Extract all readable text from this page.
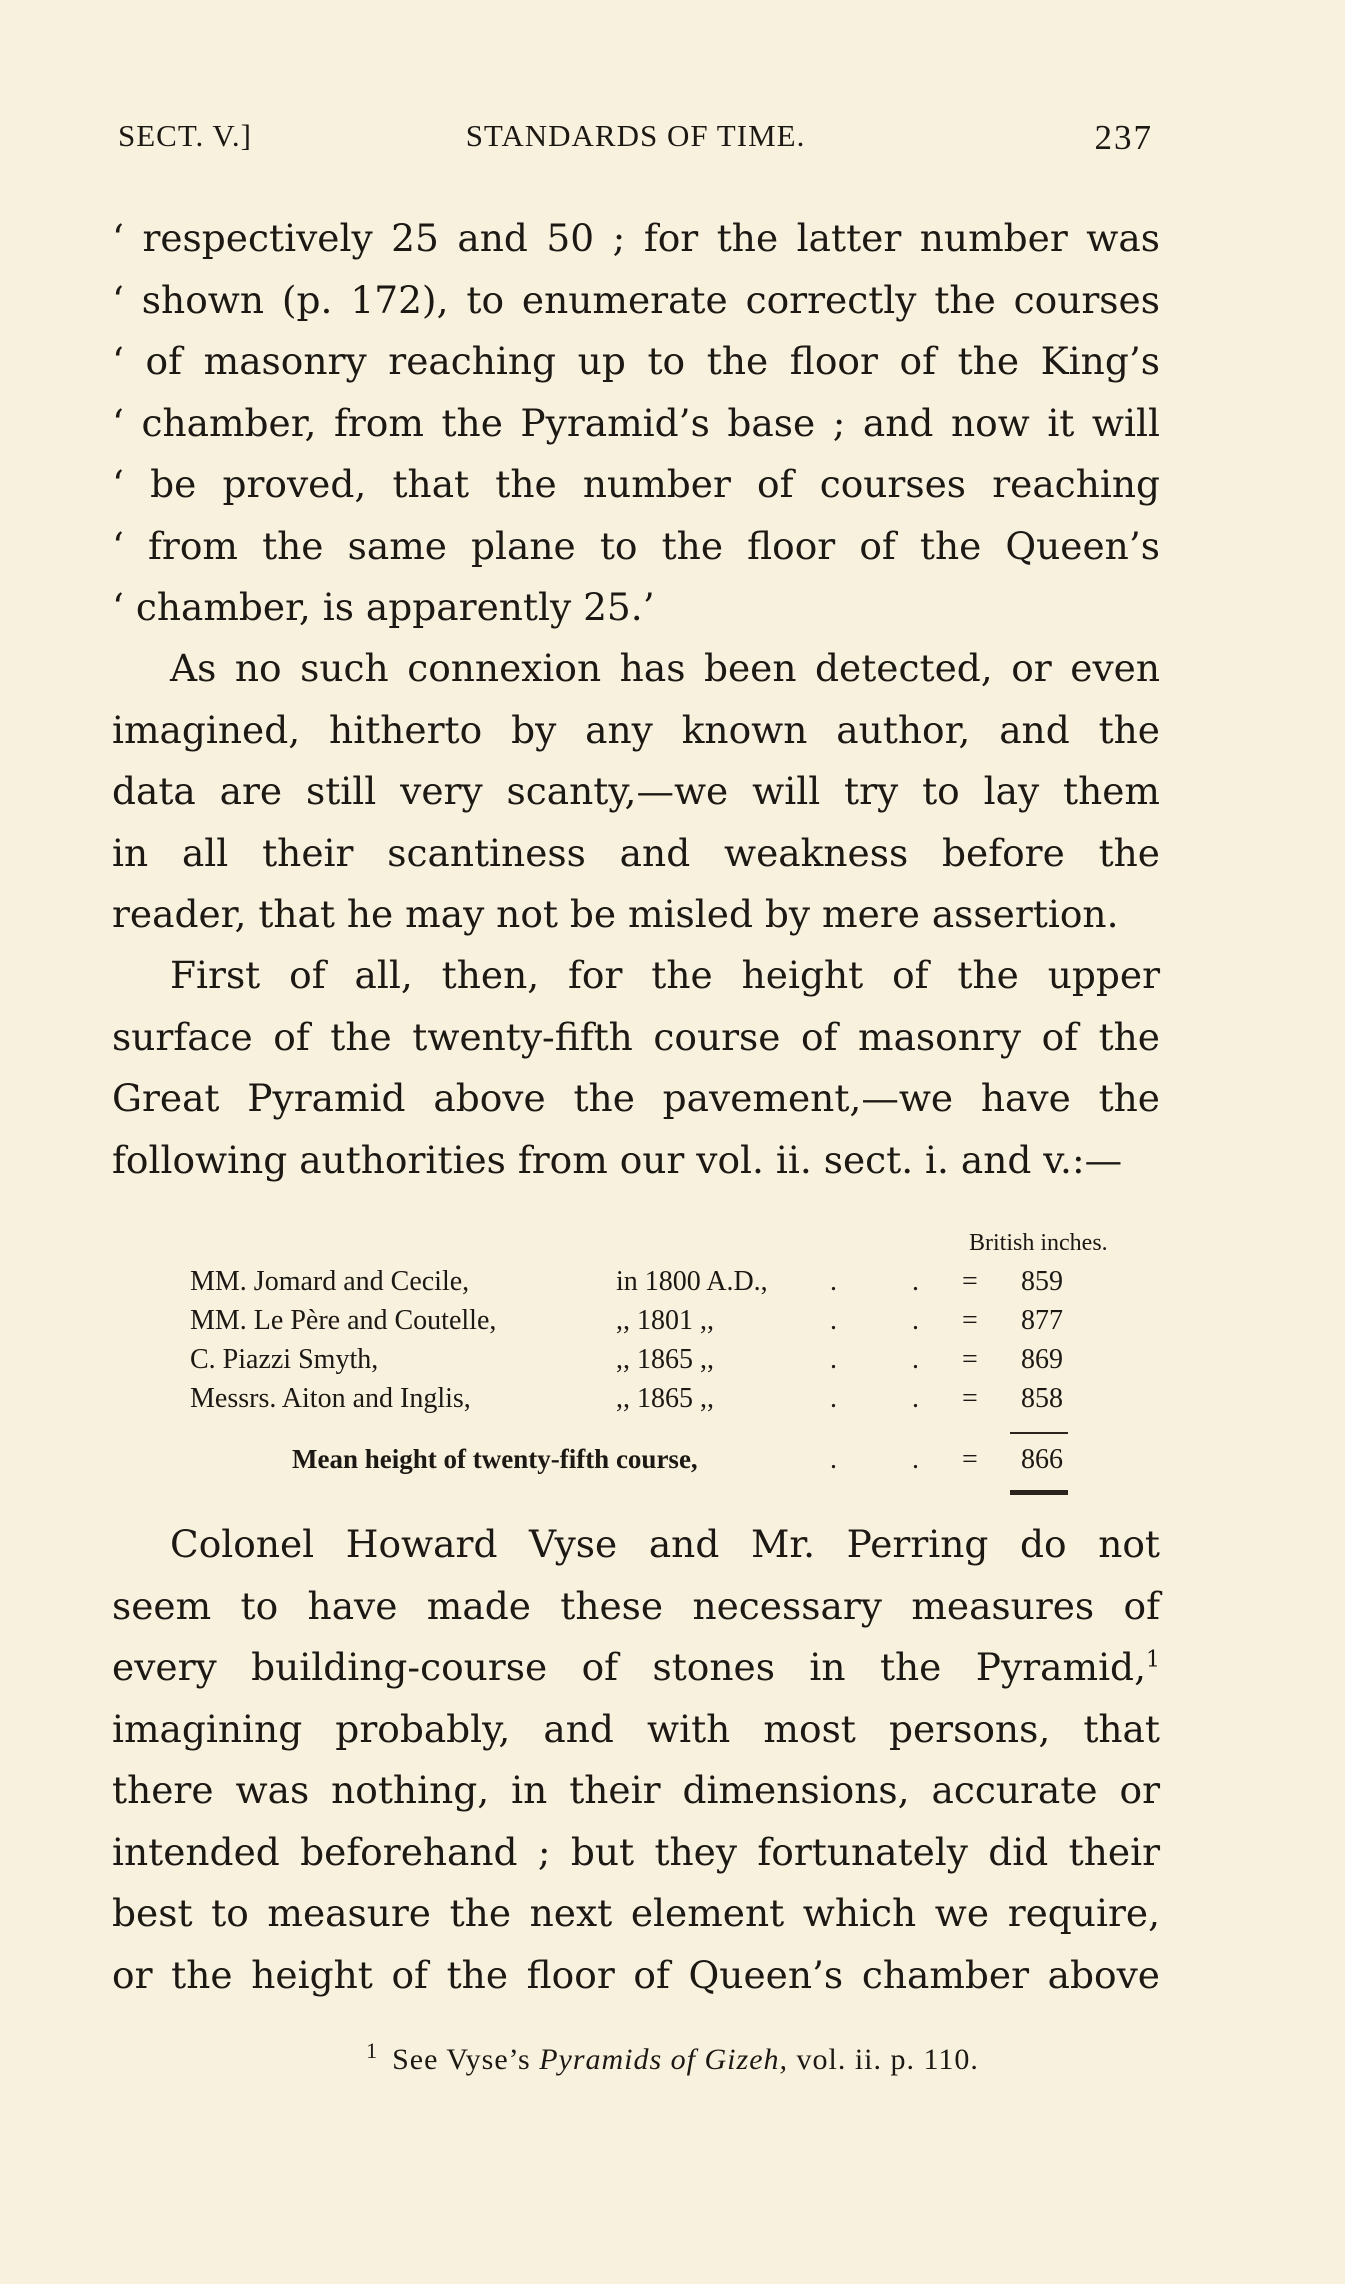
SECT. V.]	STANDARDS OF TIME.	237
‘ respectively 25 and 50 ; for the latter number was
‘ shown (p. 172), to enumerate correctly the courses
‘ of masonry reaching up to the floor of the King’s
‘ chamber, from the Pyramid’s base ; and now it will
‘ be proved, that the number of courses reaching
‘ from the same plane to the floor of the Queen’s
‘ chamber, is apparently 25.’
As no such connexion has been detected, or even
imagined, hitherto by any known author, and the
data are still very scanty,—we will try to lay them
in all their scantiness and weakness before the
reader, that he may not be misled by mere assertion.
First of all, then, for the height of the upper
surface of the twenty-fifth course of masonry of the
Great Pyramid above the pavement,—we have the
following authorities from our vol. ii. sect. i. and v.:—
British inches.
MM. Jomard and Cecile,	in 1800 A.D., . . = 859
MM. Le Père and Coutelle,	,, 1801 ,,	. . = 877
C. Piazzi Smyth,	,, 1865 ,,	. . = 869
Messrs. Aiton and Inglis,	,, 1865 ,,	. . = 858
Mean height of twenty-fifth course,	. . = 866
Colonel Howard Vyse and Mr. Perring do not
seem to have made these necessary measures of
every building-course of stones in the Pyramid,$^1$
imagining probably, and with most persons, that
there was nothing, in their dimensions, accurate or
intended beforehand ; but they fortunately did their
best to measure the next element which we require,
or the height of the floor of Queen’s chamber above
$^1$ See Vyse’s Pyramids of Gizeh, vol. ii. p. 110.
